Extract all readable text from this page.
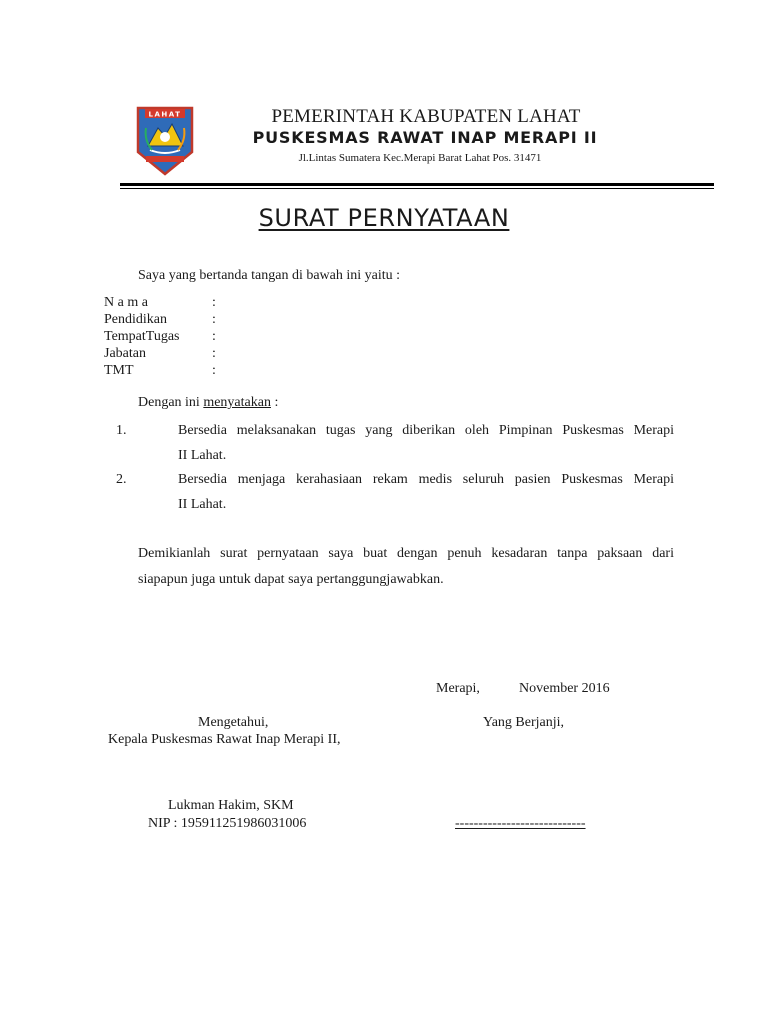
LAHAT	PEMERINTAH KABUPATEN LAHAT
PUSKESMAS RAWAT INAP MERAPI II
Jl.Lintas Sumatera Kec.Merapi Barat Lahat Pos. 31471
SURAT PERNYATAAN
Saya yang bertanda tangan di bawah ini yaitu :
N a m a	:
Pendidikan	:
TempatTugas :
Jabatan	:
TMT	:
Dengan ini menyatakan :
1.	Bersedia melaksanakan tugas yang diberikan oleh Pimpinan Puskesmas Merapi
II Lahat.
2.	Bersedia menjaga kerahasiaan rekam medis seluruh pasien Puskesmas Merapi
II Lahat.
Demikianlah surat pernyataan saya buat dengan penuh kesadaran tanpa paksaan dari
siapapun juga untuk dapat saya pertanggungjawabkan.
Merapi,	November 2016
Mengetahui,
Kepala Puskesmas Rawat Inap Merapi II,
Yang Berjanji,
Lukman Hakim, SKM
NIP : 195911251986031006	----------------------------
